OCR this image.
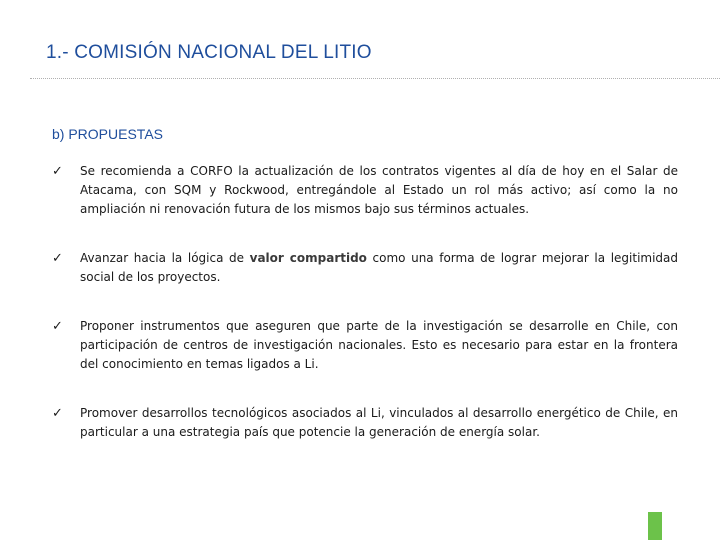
1.- COMISIÓN NACIONAL DEL LITIO
b) PROPUESTAS
✓ Se recomienda a CORFO la actualización de los contratos vigentes al día de hoy en el Salar de Atacama, con SQM y Rockwood, entregándole al Estado un rol más activo; así como la no ampliación ni renovación futura de los mismos bajo sus términos actuales.
✓ Avanzar hacia la lógica de valor compartido como una forma de lograr mejorar la legitimidad social de los proyectos.
✓ Proponer instrumentos que aseguren que parte de la investigación se desarrolle en Chile, con participación de centros de investigación nacionales. Esto es necesario para estar en la frontera del conocimiento en temas ligados a Li.
✓ Promover desarrollos tecnológicos asociados al Li, vinculados al desarrollo energético de Chile, en particular a una estrategia país que potencie la generación de energía solar.
